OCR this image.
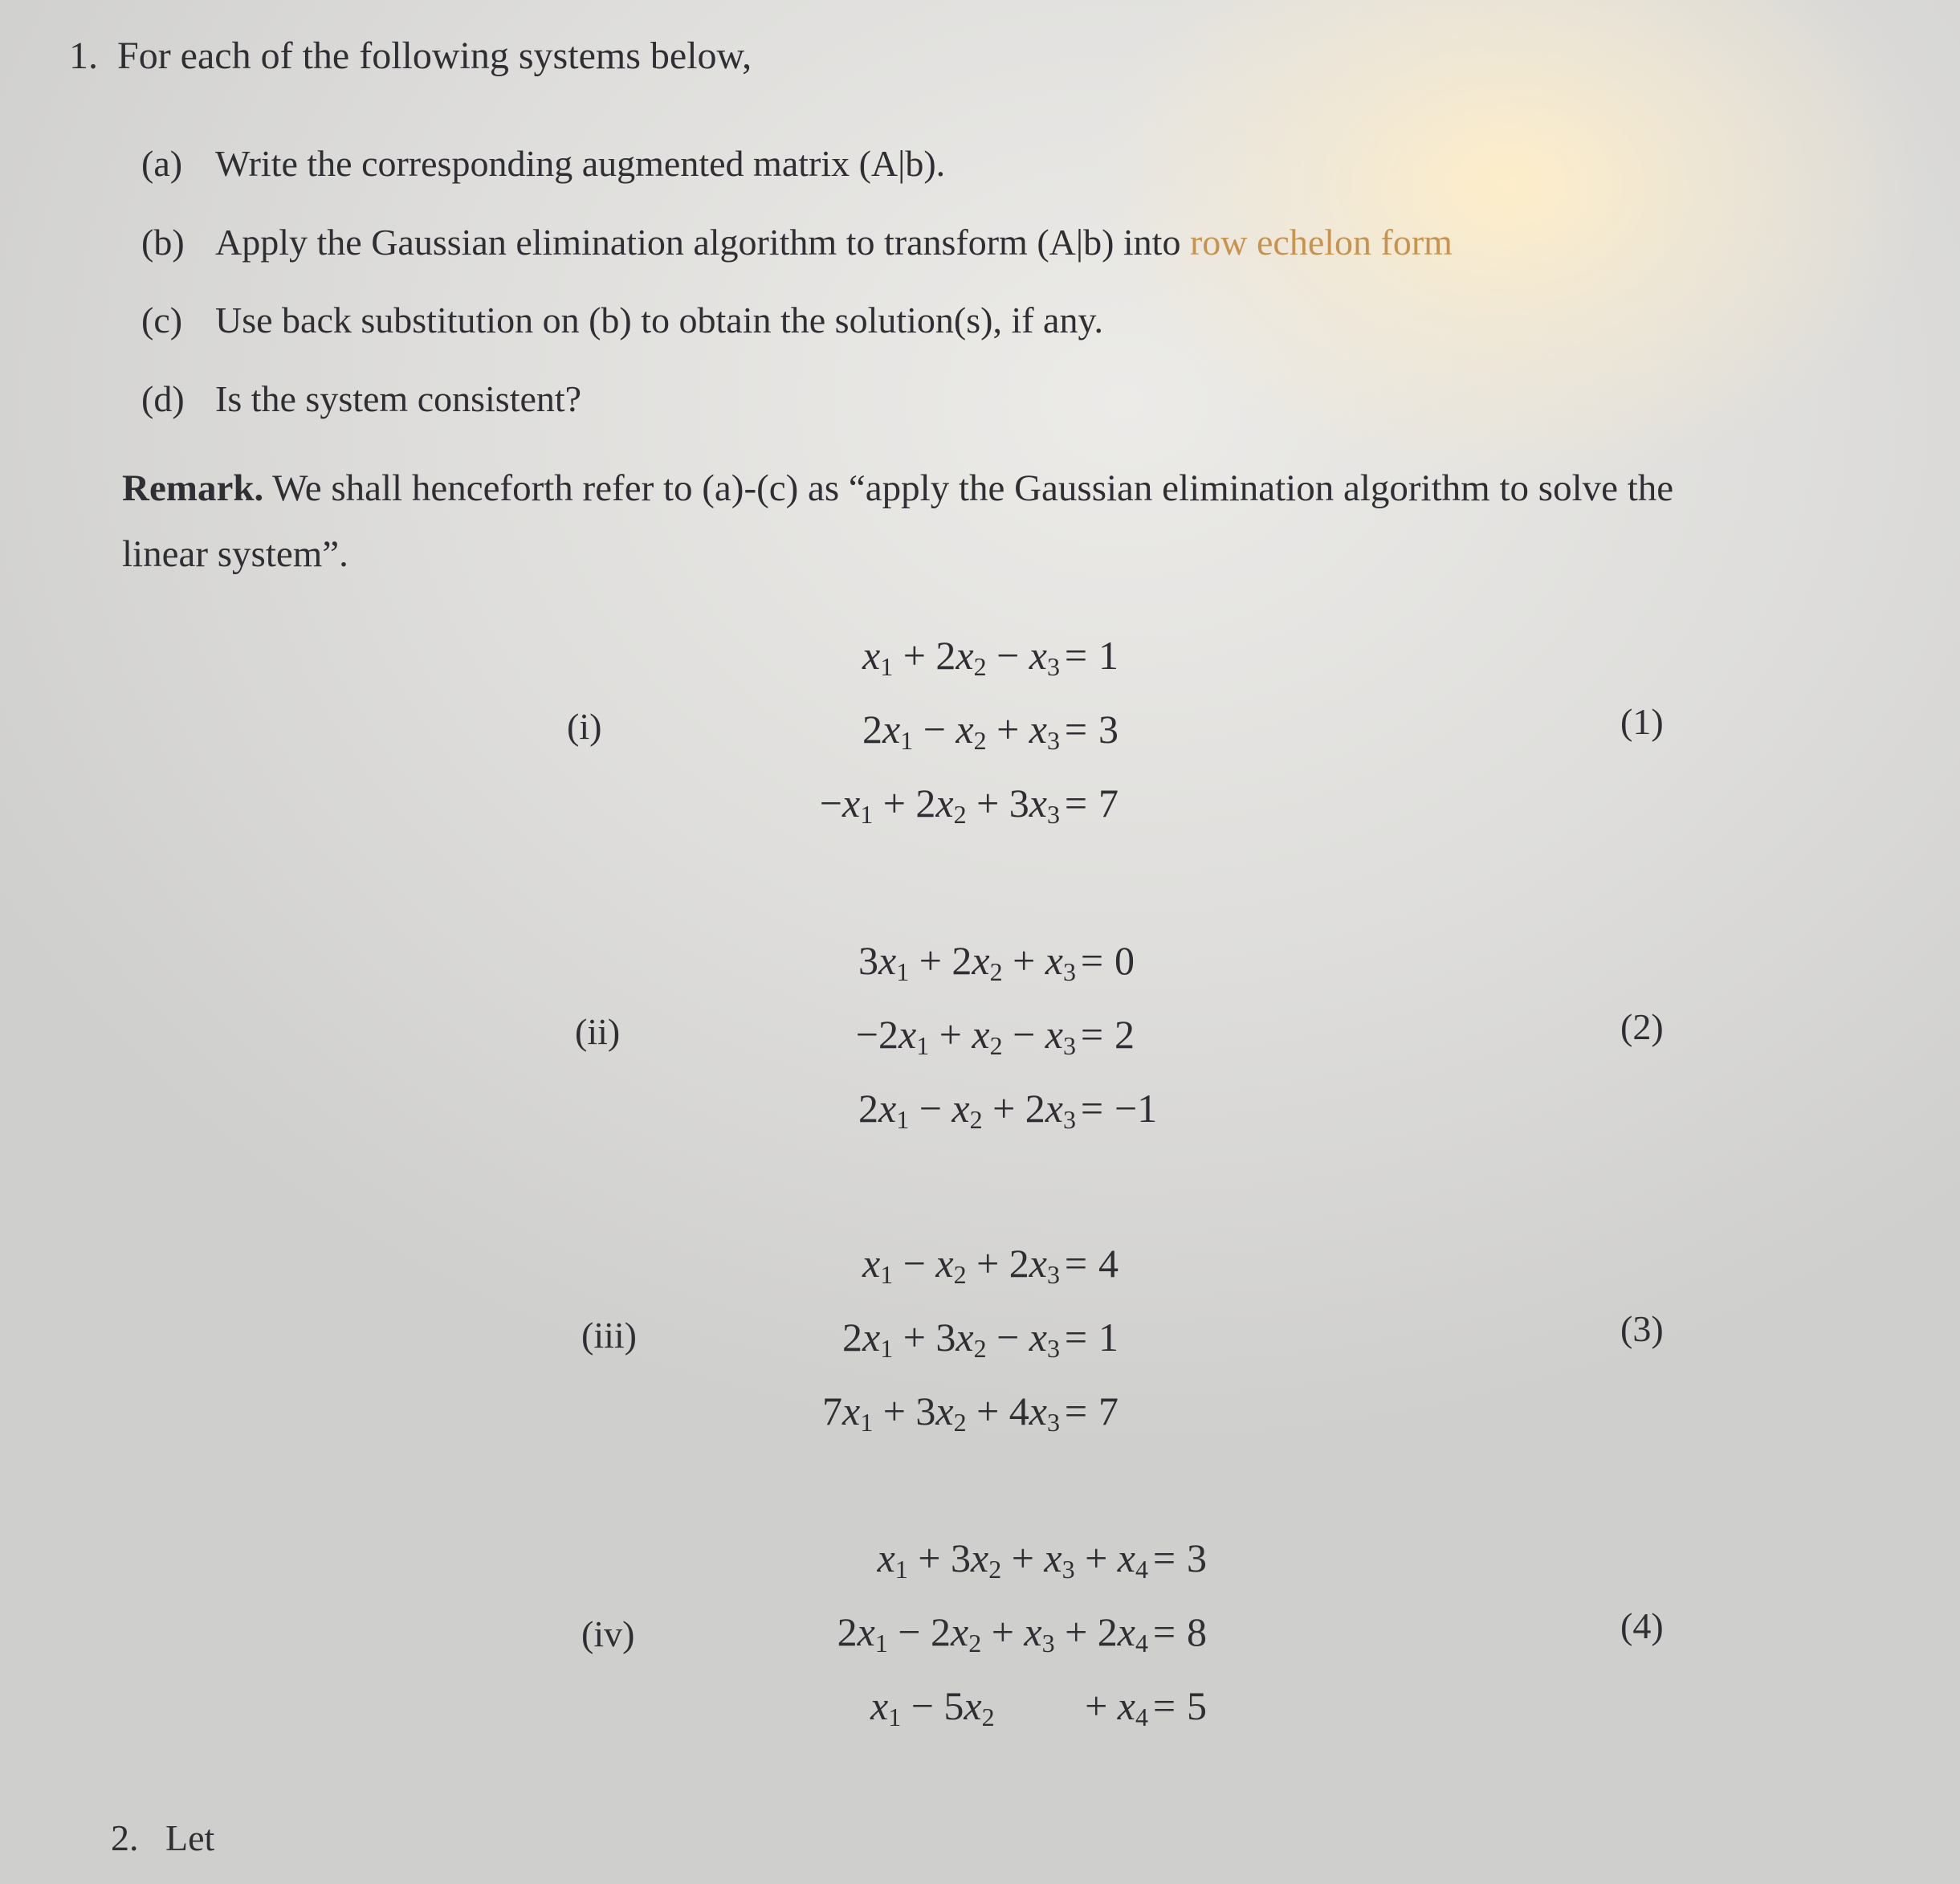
1. For each of the following systems below,
(a) Write the corresponding augmented matrix (A|b).
(b) Apply the Gaussian elimination algorithm to transform (A|b) into row echelon form
(c) Use back substitution on (b) to obtain the solution(s), if any.
(d) Is the system consistent?
Remark. We shall henceforth refer to (a)-(c) as “apply the Gaussian elimination algorithm to solve the linear system”.
(i)	(1)
$x_1 + 2x_2 - x_3 = 1$
$2x_1 - x_2 + x_3 = 3$
$-x_1 + 2x_2 + 3x_3 = 7$
(ii)	(2)
$3x_1 + 2x_2 + x_3 = 0$
$-2x_1 + x_2 - x_3 = 2$
$2x_1 - x_2 + 2x_3 = -1$
(iii)	(3)
$x_1 - x_2 + 2x_3 = 4$
$2x_1 + 3x_2 - x_3 = 1$
$7x_1 + 3x_2 + 4x_3 = 7$
(iv)	(4)
$x_1 + 3x_2 + x_3 + x_4 = 3$
$2x_1 - 2x_2 + x_3 + 2x_4 = 8$
$x_1 - 5x_2$         + $x_4 = 5$
2. Let
